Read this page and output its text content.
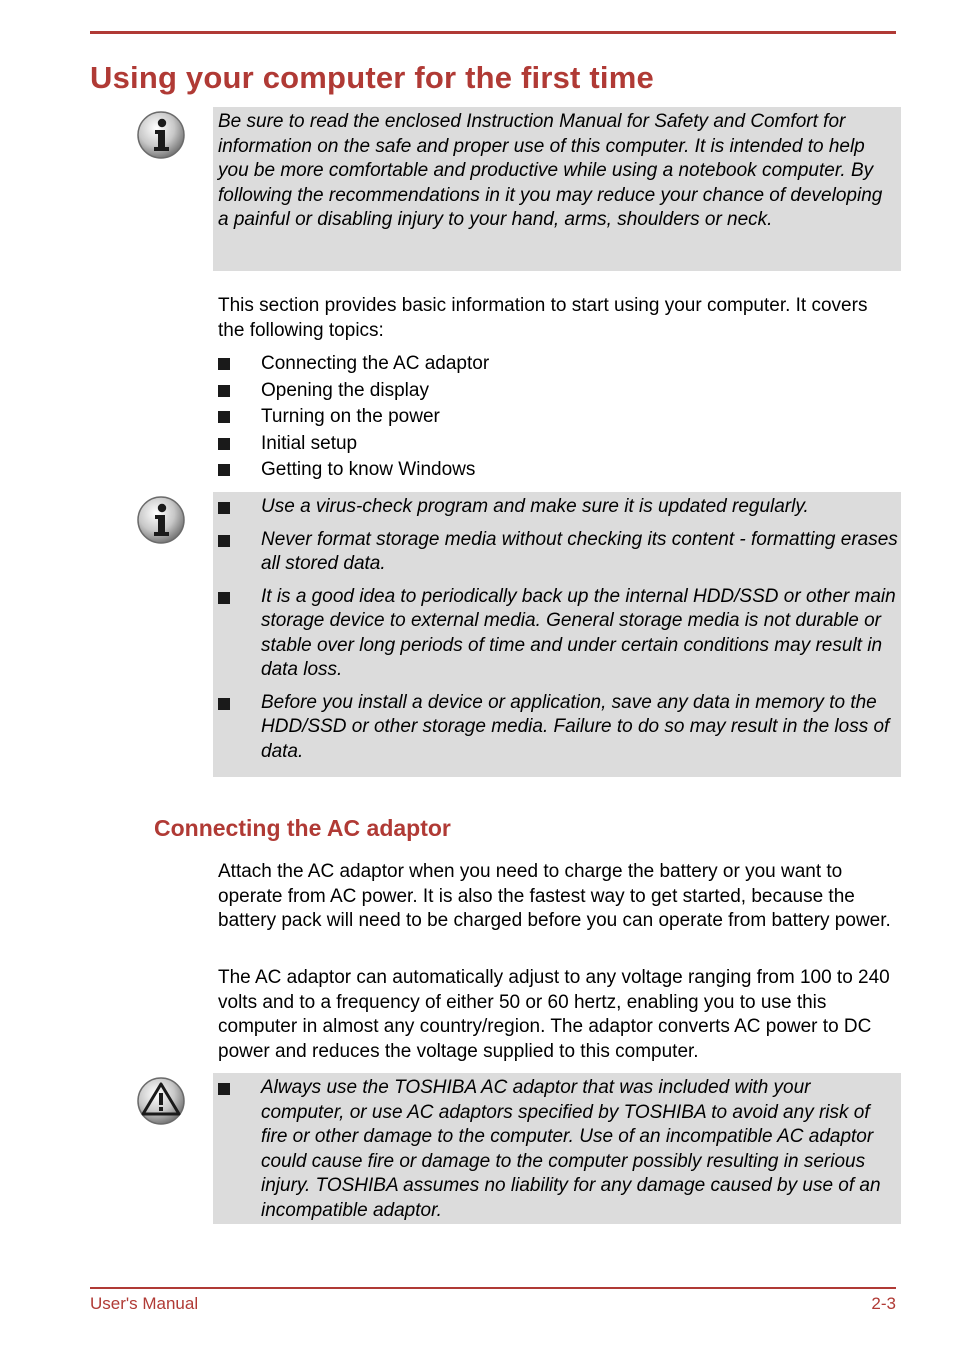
Using your computer for the first time

Be sure to read the enclosed Instruction Manual for Safety and Comfort for information on the safe and proper use of this computer. It is intended to help you be more comfortable and productive while using a notebook computer. By following the recommendations in it you may reduce your chance of developing a painful or disabling injury to your hand, arms, shoulders or neck.

This section provides basic information to start using your computer. It covers the following topics:

Connecting the AC adaptor
Opening the display
Turning on the power
Initial setup
Getting to know Windows
Use a virus-check program and make sure it is updated regularly.
Never format storage media without checking its content - formatting erases all stored data.
It is a good idea to periodically back up the internal HDD/SSD or other main storage device to external media. General storage media is not durable or stable over long periods of time and under certain conditions may result in data loss.
Before you install a device or application, save any data in memory to the HDD/SSD or other storage media. Failure to do so may result in the loss of data.
Connecting the AC adaptor

Attach the AC adaptor when you need to charge the battery or you want to operate from AC power. It is also the fastest way to get started, because the battery pack will need to be charged before you can operate from battery power.

The AC adaptor can automatically adjust to any voltage ranging from 100 to 240 volts and to a frequency of either 50 or 60 hertz, enabling you to use this computer in almost any country/region. The adaptor converts AC power to DC power and reduces the voltage supplied to this computer.

Always use the TOSHIBA AC adaptor that was included with your computer, or use AC adaptors specified by TOSHIBA to avoid any risk of fire or other damage to the computer. Use of an incompatible AC adaptor could cause fire or damage to the computer possibly resulting in serious injury. TOSHIBA assumes no liability for any damage caused by use of an incompatible adaptor.
User's Manual	2-3
